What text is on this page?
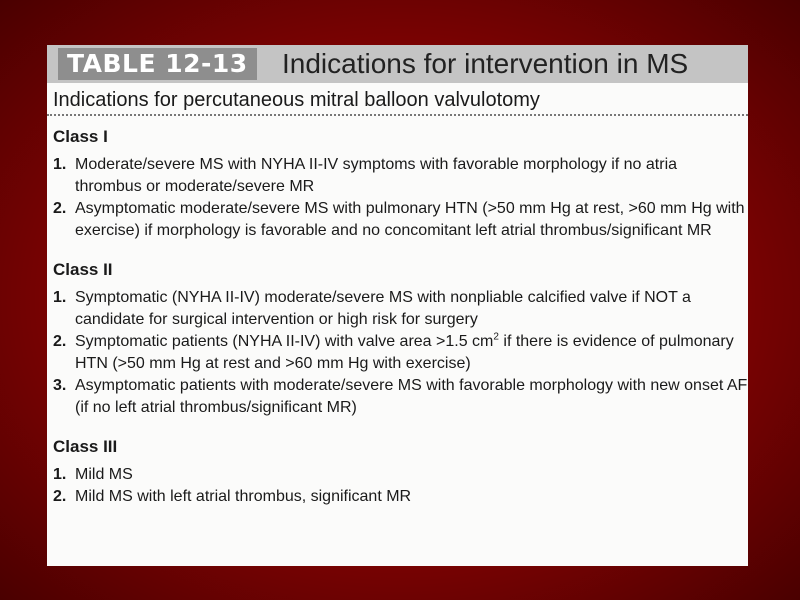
TABLE 12-13	Indications for intervention in MS
Indications for percutaneous mitral balloon valvulotomy
Class I
1. Moderate/severe MS with NYHA II-IV symptoms with favorable morphology if no atria thrombus or moderate/severe MR
2. Asymptomatic moderate/severe MS with pulmonary HTN (>50 mm Hg at rest, >60 mm Hg with exercise) if morphology is favorable and no concomitant left atrial thrombus/significant MR
Class II
1. Symptomatic (NYHA II-IV) moderate/severe MS with nonpliable calcified valve if NOT a candidate for surgical intervention or high risk for surgery
2. Symptomatic patients (NYHA II-IV) with valve area >1.5 $cm^2$ if there is evidence of pulmonary HTN (>50 mm Hg at rest and >60 mm Hg with exercise)
3. Asymptomatic patients with moderate/severe MS with favorable morphology with new onset AF (if no left atrial thrombus/significant MR)
Class III
1. Mild MS
2. Mild MS with left atrial thrombus, significant MR
